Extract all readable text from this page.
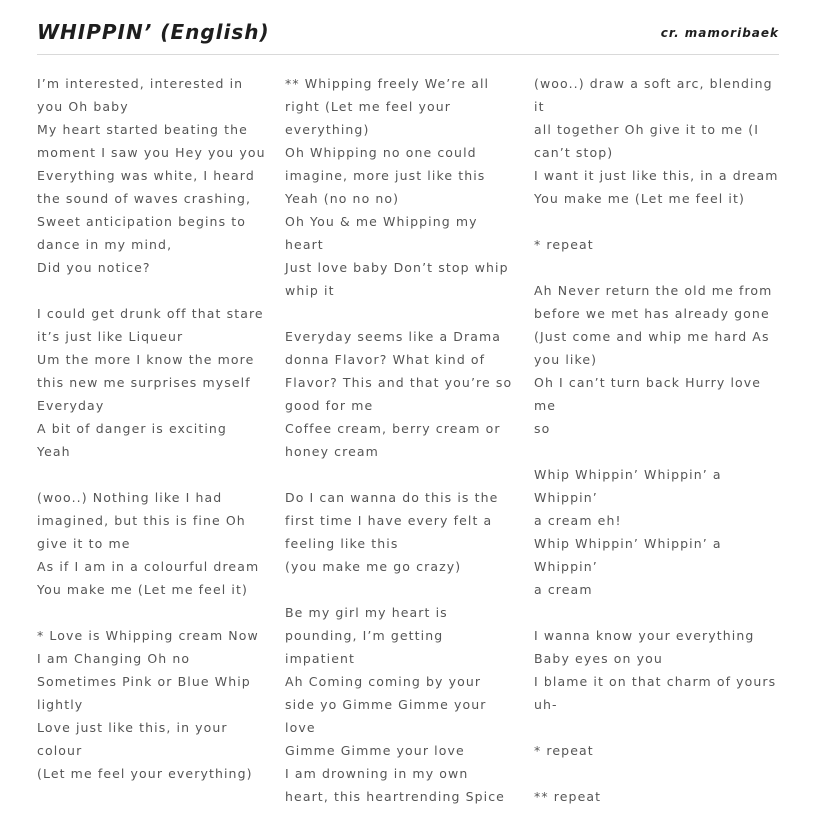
WHIPPIN’ (English)	cr. mamoribaek
I’m interested, interested in
you Oh baby
My heart started beating the
moment I saw you Hey you you
Everything was white, I heard
the sound of waves crashing,
Sweet anticipation begins to
dance in my mind,
Did you notice?

I could get drunk off that stare
it’s just like Liqueur
Um the more I know the more
this new me surprises myself
Everyday
A bit of danger is exciting
Yeah

(woo..) Nothing like I had
imagined, but this is fine Oh
give it to me
As if I am in a colourful dream
You make me (Let me feel it)

* Love is Whipping cream Now
I am Changing Oh no
Sometimes Pink or Blue Whip
lightly
Love just like this, in your
colour
(Let me feel your everything)
** Whipping freely We’re all
right (Let me feel your
everything)
Oh Whipping no one could
imagine, more just like this
Yeah (no no no)
Oh You & me Whipping my
heart
Just love baby Don’t stop whip
whip it

Everyday seems like a Drama
donna Flavor? What kind of
Flavor? This and that you’re so
good for me
Coffee cream, berry cream or
honey cream

Do I can wanna do this is the
first time I have every felt a
feeling like this
(you make me go crazy)

Be my girl my heart is
pounding, I’m getting
impatient
Ah Coming coming by your
side yo Gimme Gimme your
love
Gimme Gimme your love
I am drowning in my own
heart, this heartrending Spice
(woo..) draw a soft arc, blending it
all together Oh give it to me (I
can’t stop)
I want it just like this, in a dream
You make me (Let me feel it)

* repeat

Ah Never return the old me from
before we met has already gone
(Just come and whip me hard As
you like)
Oh I can’t turn back Hurry love me
so

Whip Whippin’ Whippin’ a Whippin’
a cream eh!
Whip Whippin’ Whippin’ a Whippin’
a cream

I wanna know your everything
Baby eyes on you
I blame it on that charm of yours
uh-

* repeat

** repeat
